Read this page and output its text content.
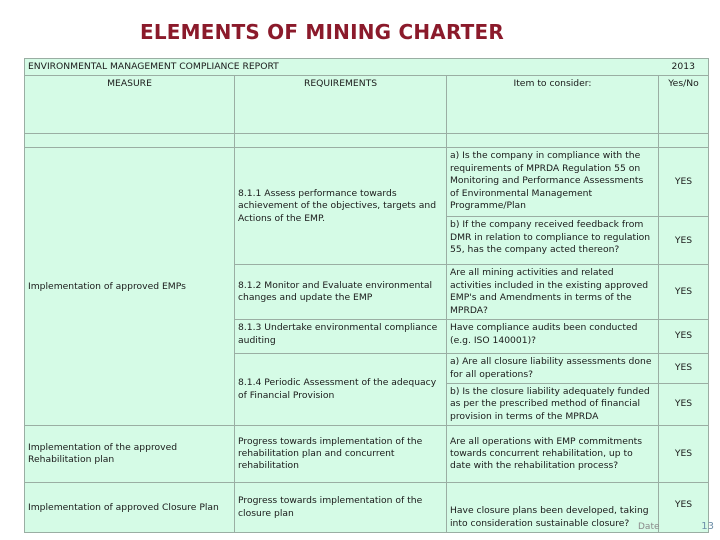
ELEMENTS OF MINING CHARTER
ENVIRONMENTAL MANAGEMENT COMPLIANCE REPORT			2013
MEASURE	REQUIREMENTS	Item to consider:	Yes/No

Implementation of approved EMPs	8.1.1 Assess performance towards achievement of the objectives, targets and Actions of the EMP.	a) Is the company in compliance with the requirements of MPRDA Regulation 55 on Monitoring and Performance Assessments of Environmental Management Programme/Plan	YES
		b) If the company received feedback from DMR in relation to compliance to regulation 55, has the company acted thereon?	YES
	8.1.2 Monitor and Evaluate environmental changes and update the EMP	Are all mining activities and related activities included in the existing approved EMP's and Amendments in terms of the MPRDA?	YES
	8.1.3 Undertake environmental compliance auditing	Have compliance audits been conducted (e.g. ISO 140001)?	YES
	8.1.4 Periodic Assessment of the adequacy of Financial Provision	a) Are all closure liability assessments done for all operations?	YES
		b) Is the closure liability adequately funded as per the prescribed method of financial provision in terms of the MPRDA	YES
Implementation of the approved Rehabilitation plan	Progress towards implementation of the rehabilitation plan and concurrent rehabilitation	Are all operations with EMP commitments towards concurrent rehabilitation, up to date with the rehabilitation process?	YES
Implementation of approved Closure Plan	Progress towards implementation of the closure plan	Have closure plans been developed, taking into consideration sustainable closure?	YES
Date	13
